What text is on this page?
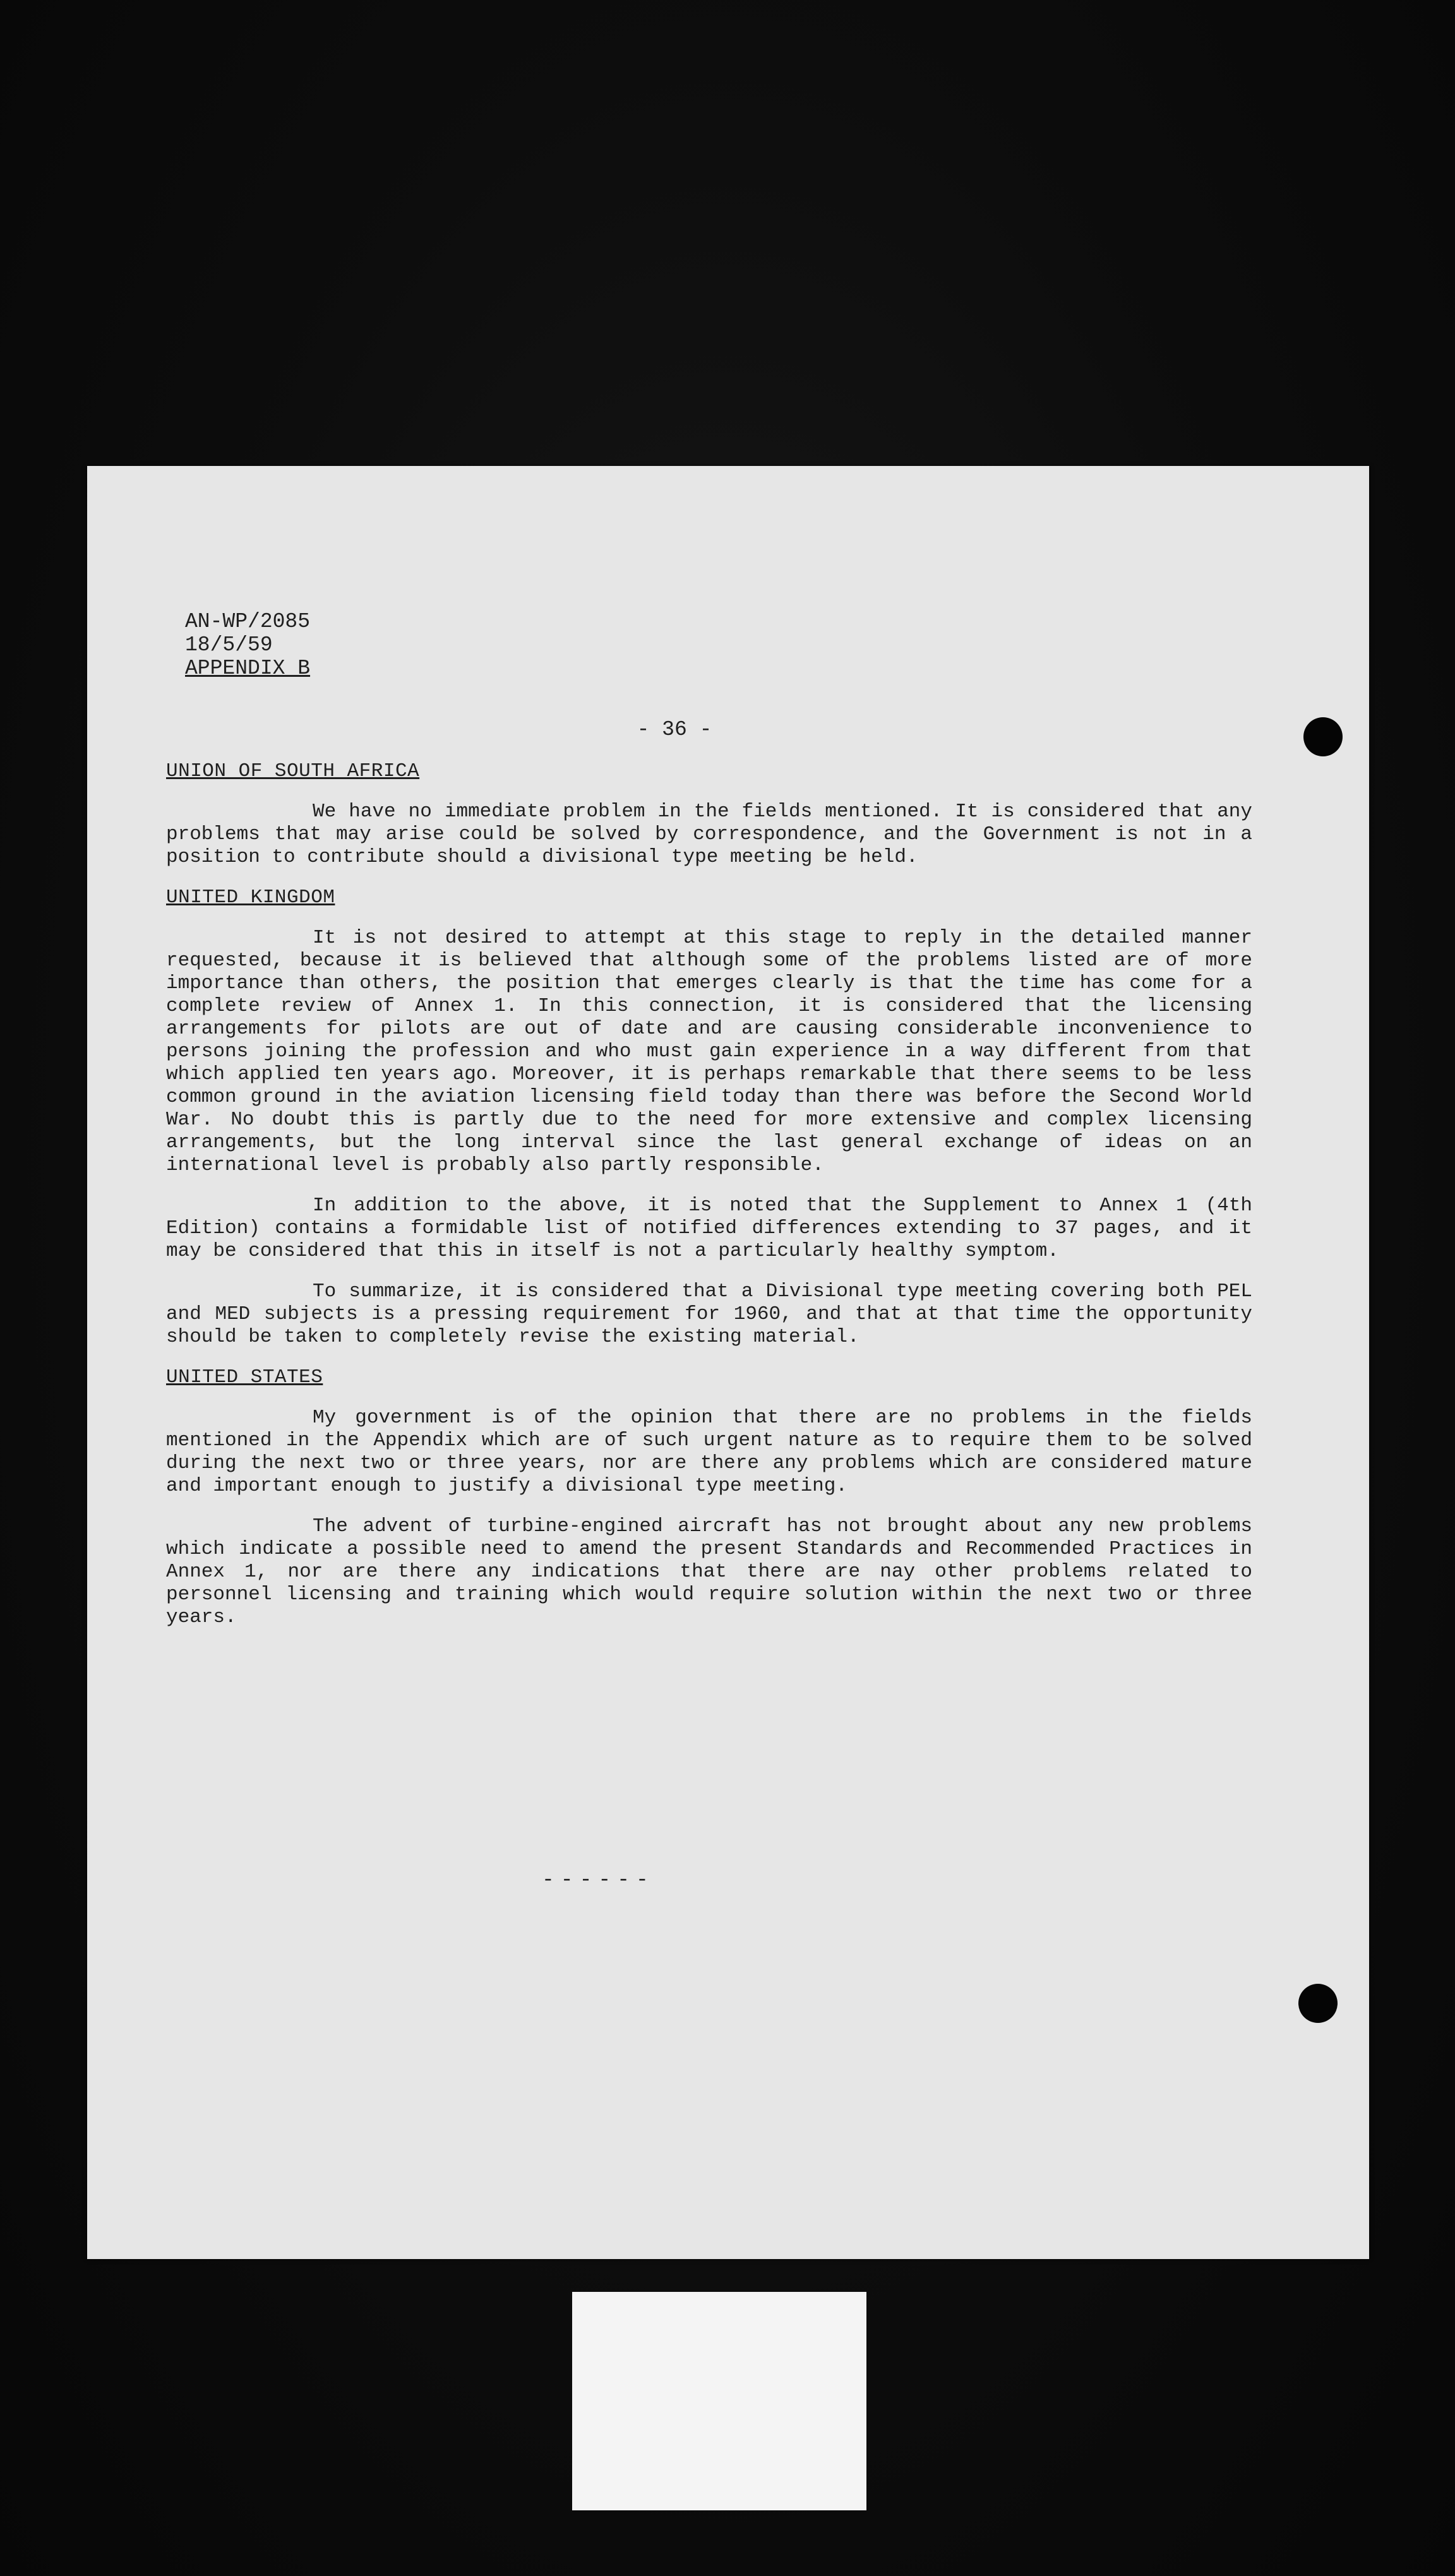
AN-WP/2085
18/5/59
APPENDIX B
- 36 -
UNION OF SOUTH AFRICA

We have no immediate problem in the fields mentioned. It is considered that any problems that may arise could be solved by correspondence, and the Government is not in a position to contribute should a divisional type meeting be held.

UNITED KINGDOM

It is not desired to attempt at this stage to reply in the detailed manner requested, because it is believed that although some of the problems listed are of more importance than others, the position that emerges clearly is that the time has come for a complete review of Annex 1. In this connection, it is considered that the licensing arrangements for pilots are out of date and are causing considerable inconvenience to persons joining the profession and who must gain experience in a way different from that which applied ten years ago. Moreover, it is perhaps remarkable that there seems to be less common ground in the aviation licensing field today than there was before the Second World War. No doubt this is partly due to the need for more extensive and complex licensing arrangements, but the long interval since the last general exchange of ideas on an international level is probably also partly responsible.

In addition to the above, it is noted that the Supplement to Annex 1 (4th Edition) contains a formidable list of notified differences extending to 37 pages, and it may be considered that this in itself is not a particularly healthy symptom.

To summarize, it is considered that a Divisional type meeting covering both PEL and MED subjects is a pressing requirement for 1960, and that at that time the opportunity should be taken to completely revise the existing material.

UNITED STATES

My government is of the opinion that there are no problems in the fields mentioned in the Appendix which are of such urgent nature as to require them to be solved during the next two or three years, nor are there any problems which are considered mature and important enough to justify a divisional type meeting.

The advent of turbine-engined aircraft has not brought about any new problems which indicate a possible need to amend the present Standards and Recommended Practices in Annex 1, nor are there any indications that there are nay other problems related to personnel licensing and training which would require solution within the next two or three years.

------
